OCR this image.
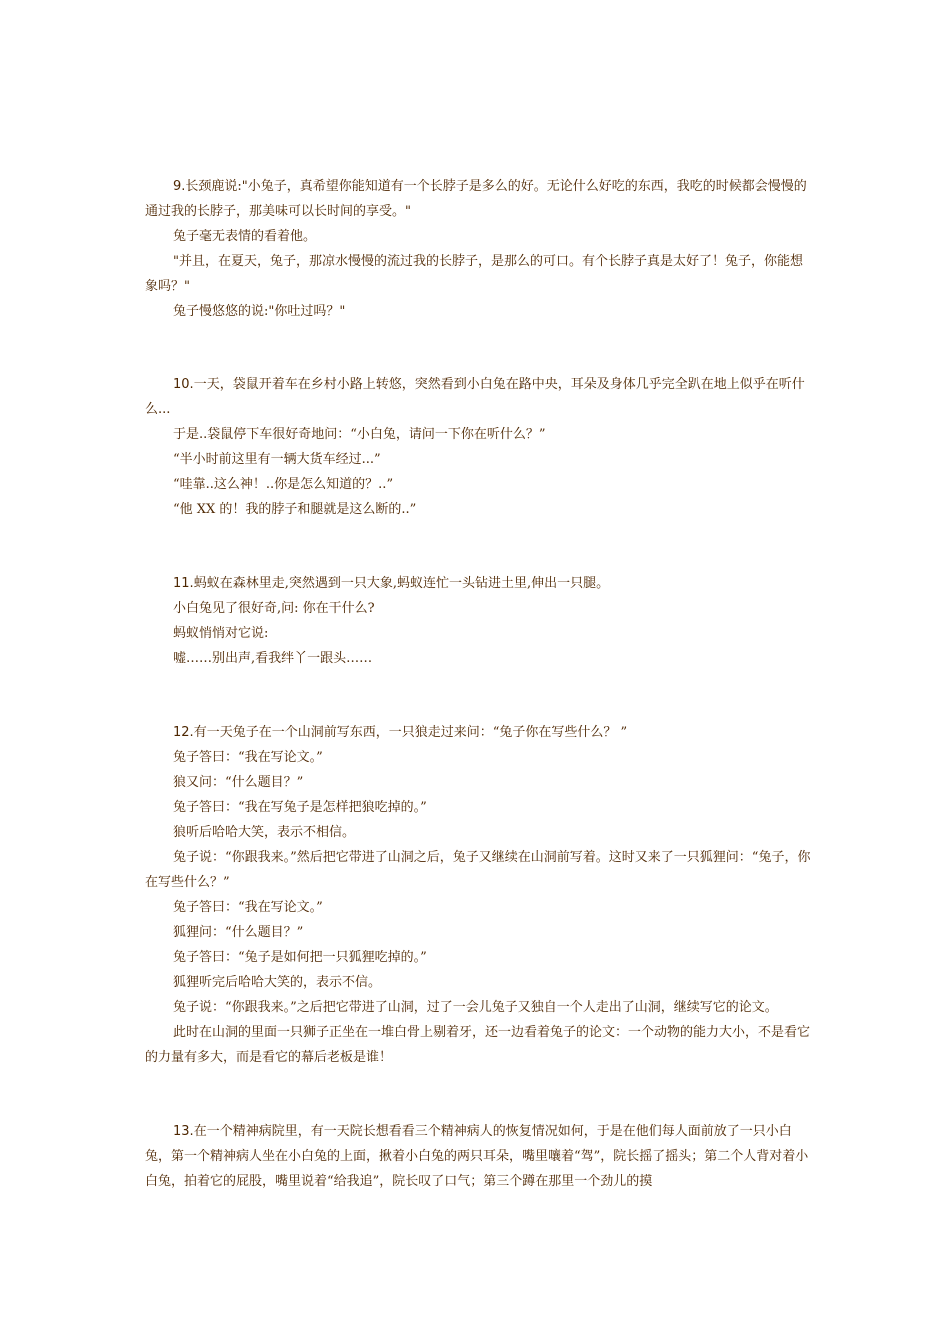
9.长颈鹿说:"小兔子，真希望你能知道有一个长脖子是多么的好。无论什么好吃的东西，我吃的时候都会慢慢的通过我的长脖子，那美味可以长时间的享受。"

兔子毫无表情的看着他。

"并且，在夏天，兔子，那凉水慢慢的流过我的长脖子，是那么的可口。有个长脖子真是太好了！兔子，你能想象吗？"

兔子慢悠悠的说:"你吐过吗？"

10.一天，袋鼠开着车在乡村小路上转悠，突然看到小白兔在路中央，耳朵及身体几乎完全趴在地上似乎在听什么...

于是..袋鼠停下车很好奇地问：“小白兔，请问一下你在听什么？”

“半小时前这里有一辆大货车经过...”

“哇靠..这么神！..你是怎么知道的？..”

“他 XX 的！我的脖子和腿就是这么断的..”

11.蚂蚁在森林里走,突然遇到一只大象,蚂蚁连忙一头钻进土里,伸出一只腿。

小白兔见了很好奇,问: 你在干什么?

蚂蚁悄悄对它说:

嘘……别出声,看我绊丫一跟头……

12.有一天兔子在一个山洞前写东西，一只狼走过来问：“兔子你在写些什么？ ”

兔子答曰：“我在写论文。”

狼又问：“什么题目？”

兔子答曰：“我在写兔子是怎样把狼吃掉的。”

狼听后哈哈大笑，表示不相信。

兔子说：“你跟我来。”然后把它带进了山洞之后，兔子又继续在山洞前写着。这时又来了一只狐狸问：“兔子，你在写些什么？”

兔子答曰：“我在写论文。”

狐狸问：“什么题目？”

兔子答曰：“兔子是如何把一只狐狸吃掉的。”

狐狸听完后哈哈大笑的，表示不信。

兔子说：“你跟我来。”之后把它带进了山洞，过了一会儿兔子又独自一个人走出了山洞，继续写它的论文。

此时在山洞的里面一只狮子正坐在一堆白骨上剔着牙，还一边看着兔子的论文：一个动物的能力大小，不是看它的力量有多大，而是看它的幕后老板是谁！

13.在一个精神病院里，有一天院长想看看三个精神病人的恢复情况如何，于是在他们每人面前放了一只小白兔，第一个精神病人坐在小白兔的上面，揪着小白兔的两只耳朵，嘴里嚷着“驾”，院长摇了摇头；第二个人背对着小白兔，拍着它的屁股，嘴里说着“给我追”，院长叹了口气；第三个蹲在那里一个劲儿的摸
